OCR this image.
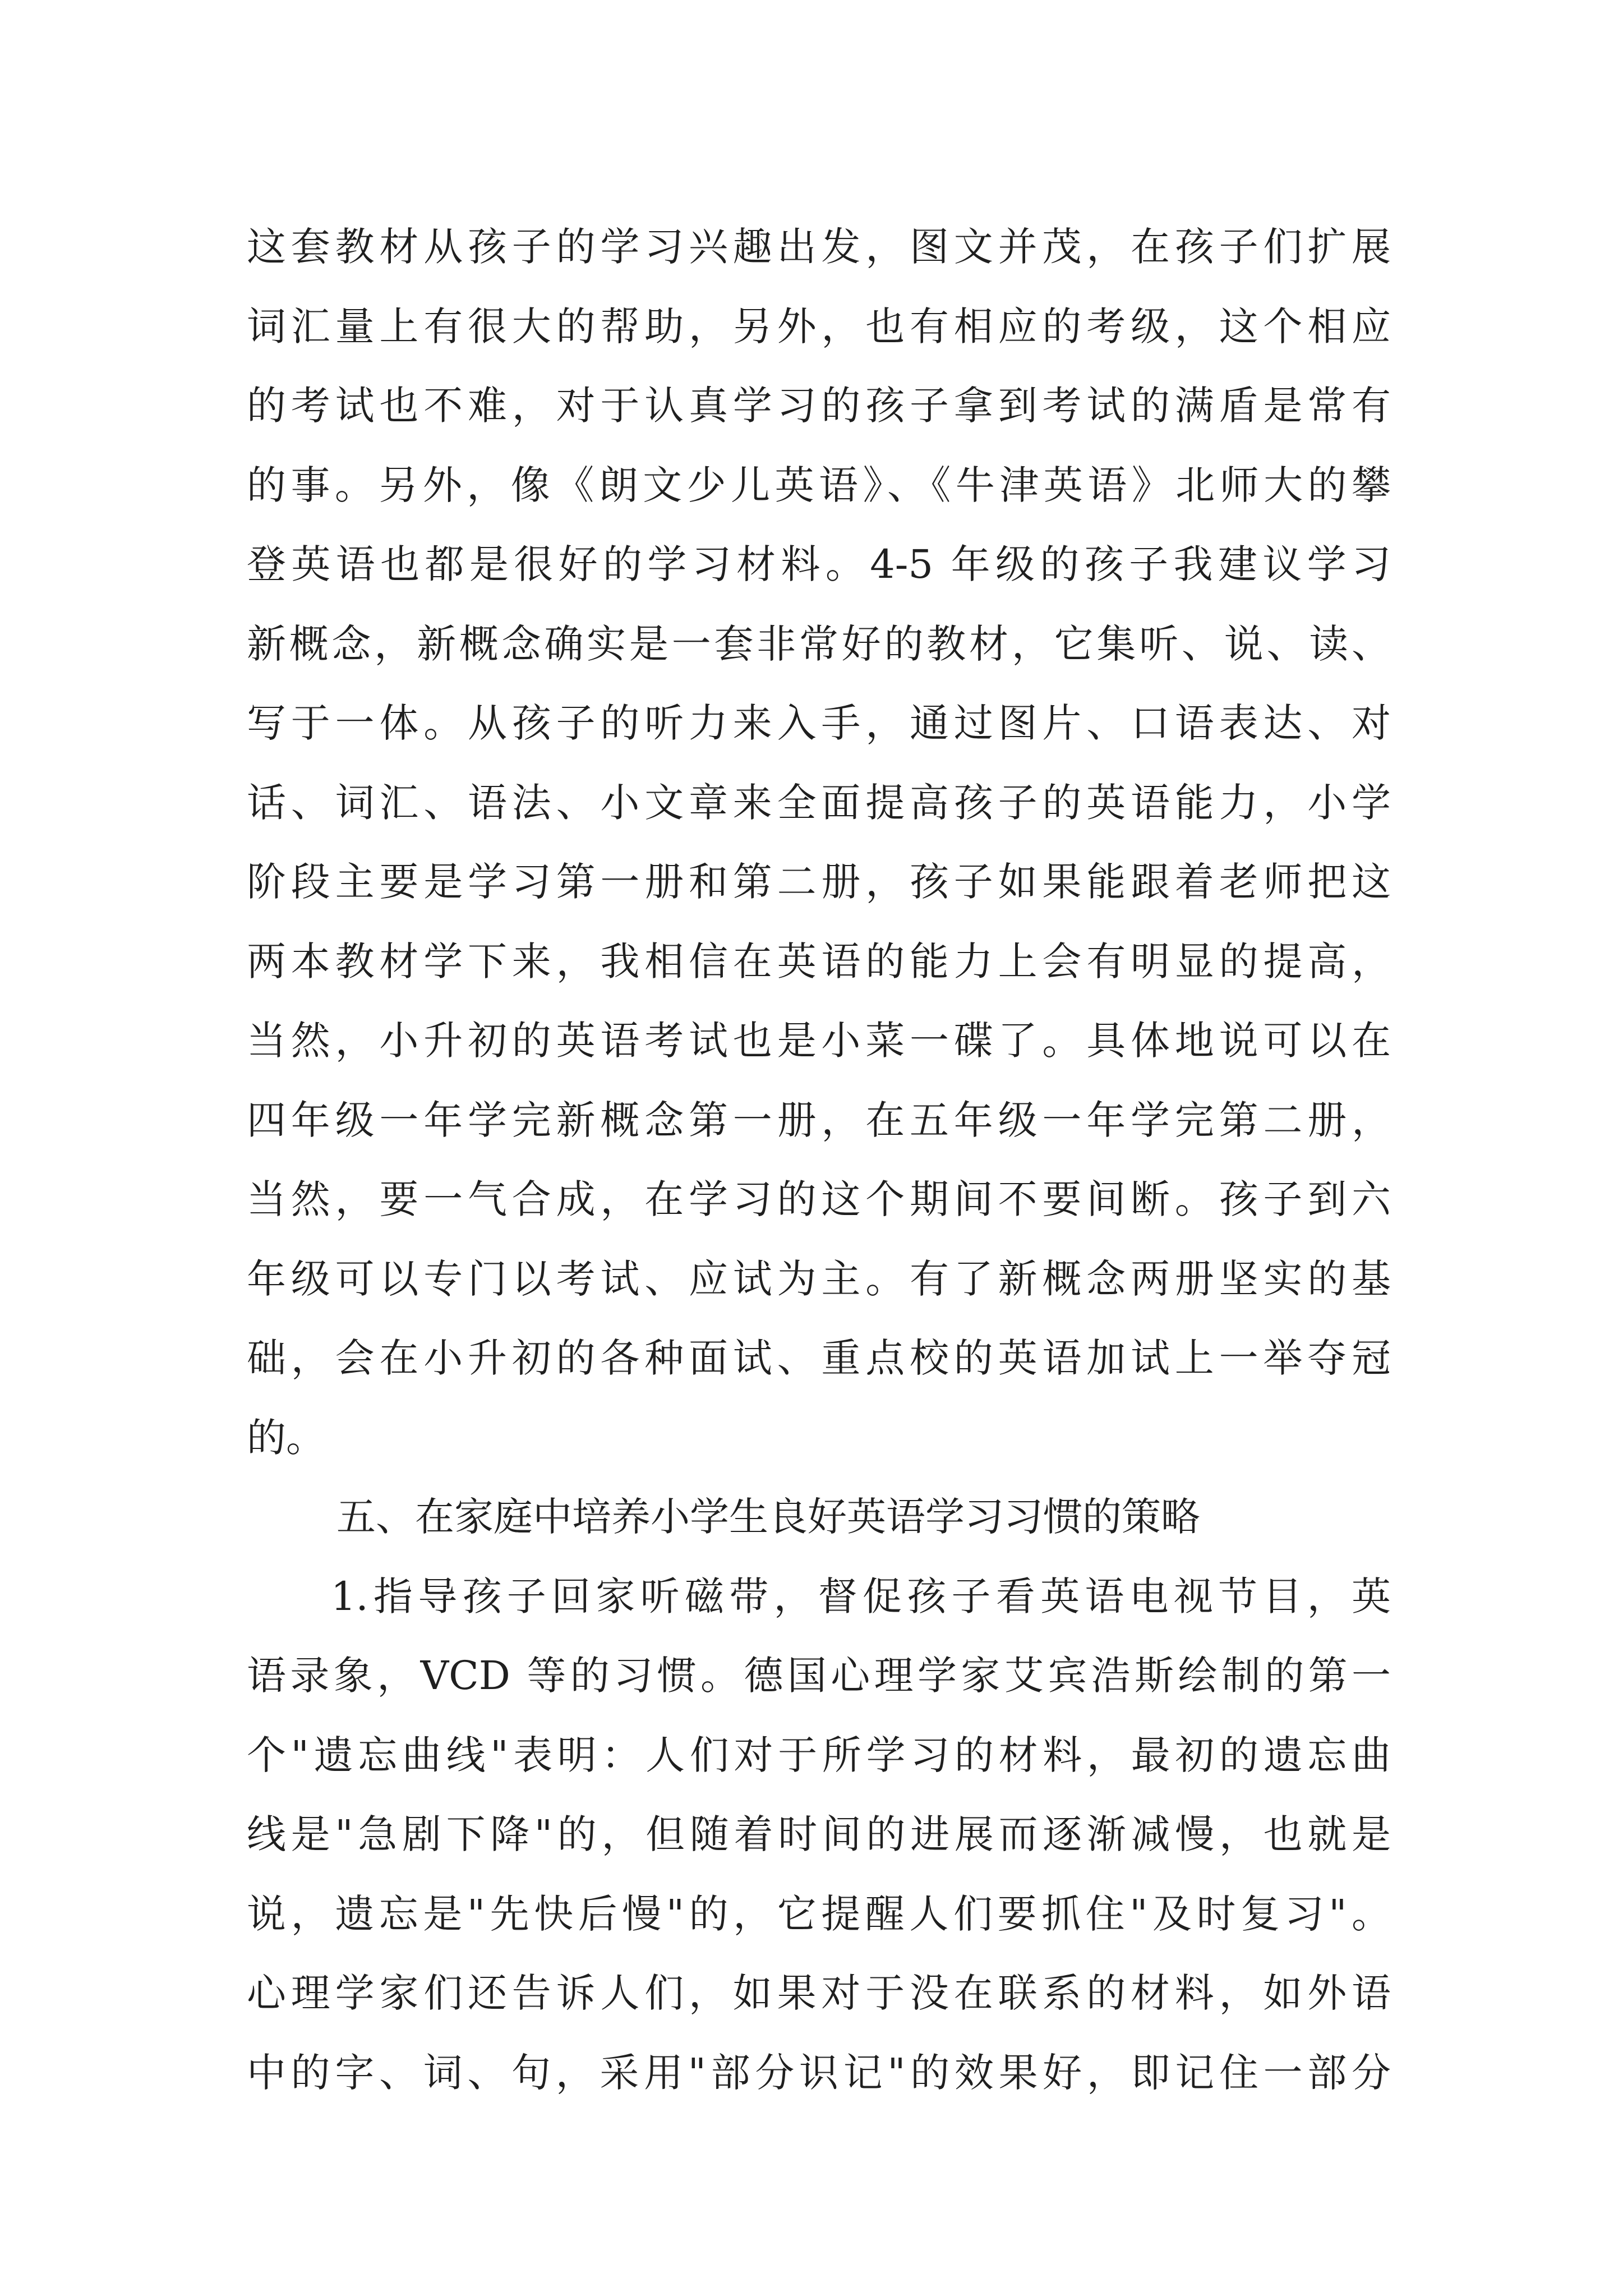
这套教材从孩子的学习兴趣出发，图文并茂，在孩子们扩展
词汇量上有很大的帮助，另外，也有相应的考级，这个相应
的考试也不难，对于认真学习的孩子拿到考试的满盾是常有
的事。另外，像《朗文少儿英语》、《牛津英语》北师大的攀
登英语也都是很好的学习材料。4-5 年级的孩子我建议学习
新概念，新概念确实是一套非常好的教材，它集听、说、读、
写于一体。从孩子的听力来入手，通过图片、口语表达、对
话、词汇、语法、小文章来全面提高孩子的英语能力，小学
阶段主要是学习第一册和第二册，孩子如果能跟着老师把这
两本教材学下来，我相信在英语的能力上会有明显的提高，
当然，小升初的英语考试也是小菜一碟了。具体地说可以在
四年级一年学完新概念第一册，在五年级一年学完第二册，
当然，要一气合成，在学习的这个期间不要间断。孩子到六
年级可以专门以考试、应试为主。有了新概念两册坚实的基
础，会在小升初的各种面试、重点校的英语加试上一举夺冠
的。
五、在家庭中培养小学生良好英语学习习惯的策略
1.指导孩子回家听磁带，督促孩子看英语电视节目，英
语录象，VCD 等的习惯。德国心理学家艾宾浩斯绘制的第一
个"遗忘曲线"表明：人们对于所学习的材料，最初的遗忘曲
线是"急剧下降"的，但随着时间的进展而逐渐减慢，也就是
说，遗忘是"先快后慢"的，它提醒人们要抓住"及时复习"。
心理学家们还告诉人们，如果对于没在联系的材料，如外语
中的字、词、句，采用"部分识记"的效果好，即记住一部分
